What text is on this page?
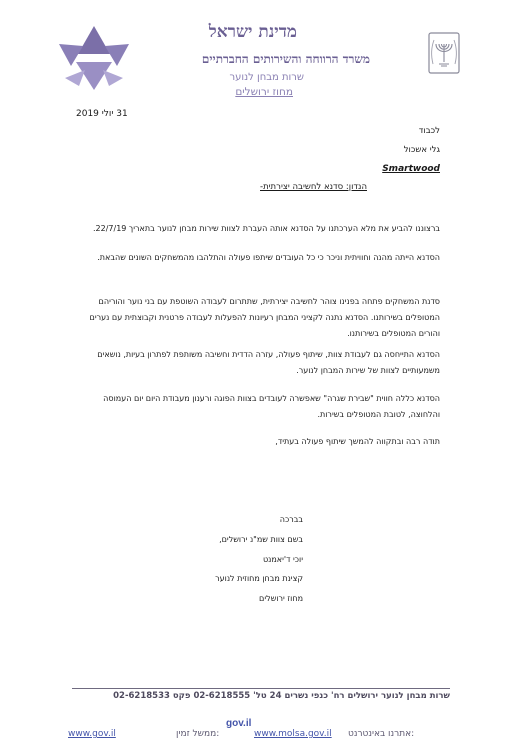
מדינת ישראל
משרד הרווחה והשירותים החברתיים
שרות מבחן לנוער
מחוז ירושלים
31 יולי 2019
לכבוד
גלי אשכול
Smartwood
הנדון: סדנא לחשיבה יצירתית-
ברצוננו להביע את מלא הערכתנו על הסדנא אותה העברת לצוות שירות מבחן לנוער בתאריך 22/7/19.
הסדנא הייתה מהנה וחוויתית וניכר כי כל העובדים שיתפו פעולה והתלהבו מהמשחקים השונים שהבאת.
סדנת המשחקים פתחה בפנינו צוהר לחשיבה יצירתית, שתתרום לעבודה השוטפת עם בני נוער והוריהם המטופלים בשירותנו. הסדנא נתנה לקציני המבחן רעיונות להפעלות לעבודה פרטנית וקבוצתית עם נערים והורים המטופלים בשירותנו.
הסדנא התייחסה גם לעבודת צוות, שיתוף פעולה, עזרה הדדית וחשיבה משותפת לפתרון בעיות, נושאים משמעותיים לצוות של שירות המבחן לנוער.
הסדנא כללה חווית "שבירת שגרה" שאפשרה לעובדים בצוות הפוגה ורענון מעבודת היום יום העמוסה והלחוצה, לטובת המטופלים בשירות.
תודה רבה ובתקווה להמשך שיתוף פעולה בעתיד,
בברכה
בשם צוות שמ"נ ירושלים,
יוכי ד'יאמנט
קצינת מבחן מחוזית לנוער
מחוז ירושלים
שרות מבחן לנוער ירושלים רח' כנפי נשרים 24 טל' 02-6218555 פקס 02-6218533
www.gov.il	ממשל זמין:	www.molsa.gov.il אתרנו באינטרנט:
gov.il
